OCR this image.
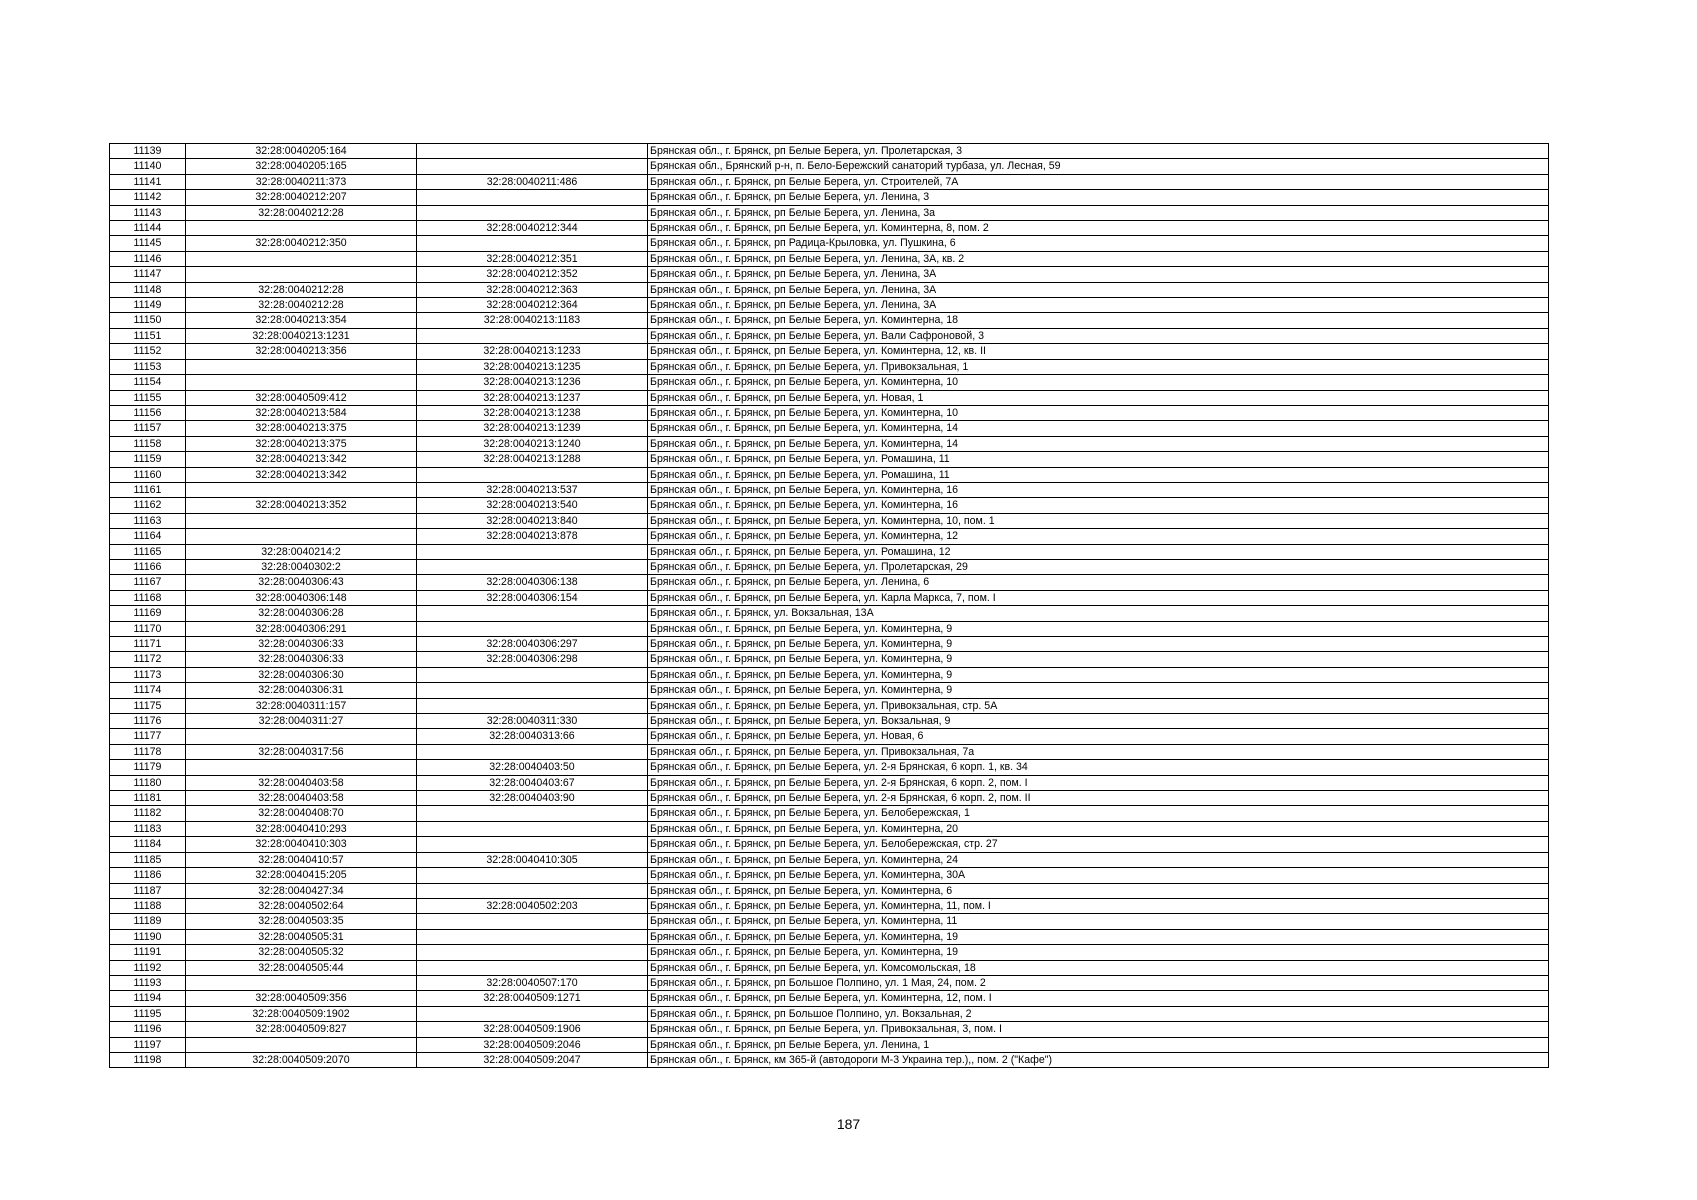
11139	32:28:0040205:164		Брянская обл., г. Брянск, рп Белые Берега, ул. Пролетарская, 3
11140	32:28:0040205:165		Брянская обл., Брянский р-н, п. Бело-Бережский санаторий турбаза, ул. Лесная, 59
11141	32:28:0040211:373	32:28:0040211:486	Брянская обл., г. Брянск, рп Белые Берега, ул. Строителей, 7А
11142	32:28:0040212:207		Брянская обл., г. Брянск, рп Белые Берега, ул. Ленина, 3
11143	32:28:0040212:28		Брянская обл., г. Брянск, рп Белые Берега, ул. Ленина, 3а
11144		32:28:0040212:344	Брянская обл., г. Брянск, рп Белые Берега, ул. Коминтерна, 8, пом. 2
11145	32:28:0040212:350		Брянская обл., г. Брянск, рп Радица-Крыловка, ул. Пушкина, 6
11146		32:28:0040212:351	Брянская обл., г. Брянск, рп Белые Берега, ул. Ленина, 3А, кв. 2
11147		32:28:0040212:352	Брянская обл., г. Брянск, рп Белые Берега, ул. Ленина, 3А
11148	32:28:0040212:28	32:28:0040212:363	Брянская обл., г. Брянск, рп Белые Берега, ул. Ленина, 3А
11149	32:28:0040212:28	32:28:0040212:364	Брянская обл., г. Брянск, рп Белые Берега, ул. Ленина, 3А
11150	32:28:0040213:354	32:28:0040213:1183	Брянская обл., г. Брянск, рп Белые Берега, ул. Коминтерна, 18
11151	32:28:0040213:1231		Брянская обл., г. Брянск, рп Белые Берега, ул. Вали Сафроновой, 3
11152	32:28:0040213:356	32:28:0040213:1233	Брянская обл., г. Брянск, рп Белые Берега, ул. Коминтерна, 12, кв. II
11153		32:28:0040213:1235	Брянская обл., г. Брянск, рп Белые Берега, ул. Привокзальная, 1
11154		32:28:0040213:1236	Брянская обл., г. Брянск, рп Белые Берега, ул. Коминтерна, 10
11155	32:28:0040509:412	32:28:0040213:1237	Брянская обл., г. Брянск, рп Белые Берега, ул. Новая, 1
11156	32:28:0040213:584	32:28:0040213:1238	Брянская обл., г. Брянск, рп Белые Берега, ул. Коминтерна, 10
11157	32:28:0040213:375	32:28:0040213:1239	Брянская обл., г. Брянск, рп Белые Берега, ул. Коминтерна, 14
11158	32:28:0040213:375	32:28:0040213:1240	Брянская обл., г. Брянск, рп Белые Берега, ул. Коминтерна, 14
11159	32:28:0040213:342	32:28:0040213:1288	Брянская обл., г. Брянск, рп Белые Берега, ул. Ромашина, 11
11160	32:28:0040213:342		Брянская обл., г. Брянск, рп Белые Берега, ул. Ромашина, 11
11161		32:28:0040213:537	Брянская обл., г. Брянск, рп Белые Берега, ул. Коминтерна, 16
11162	32:28:0040213:352	32:28:0040213:540	Брянская обл., г. Брянск, рп Белые Берега, ул. Коминтерна, 16
11163		32:28:0040213:840	Брянская обл., г. Брянск, рп Белые Берега, ул. Коминтерна, 10, пом. 1
11164		32:28:0040213:878	Брянская обл., г. Брянск, рп Белые Берега, ул. Коминтерна, 12
11165	32:28:0040214:2		Брянская обл., г. Брянск, рп Белые Берега, ул. Ромашина, 12
11166	32:28:0040302:2		Брянская обл., г. Брянск, рп Белые Берега, ул. Пролетарская, 29
11167	32:28:0040306:43	32:28:0040306:138	Брянская обл., г. Брянск, рп Белые Берега, ул. Ленина, 6
11168	32:28:0040306:148	32:28:0040306:154	Брянская обл., г. Брянск, рп Белые Берега, ул. Карла Маркса, 7, пом. I
11169	32:28:0040306:28		Брянская обл., г. Брянск, ул. Вокзальная, 13А
11170	32:28:0040306:291		Брянская обл., г. Брянск, рп Белые Берега, ул. Коминтерна, 9
11171	32:28:0040306:33	32:28:0040306:297	Брянская обл., г. Брянск, рп Белые Берега, ул. Коминтерна, 9
11172	32:28:0040306:33	32:28:0040306:298	Брянская обл., г. Брянск, рп Белые Берега, ул. Коминтерна, 9
11173	32:28:0040306:30		Брянская обл., г. Брянск, рп Белые Берега, ул. Коминтерна, 9
11174	32:28:0040306:31		Брянская обл., г. Брянск, рп Белые Берега, ул. Коминтерна, 9
11175	32:28:0040311:157		Брянская обл., г. Брянск, рп Белые Берега, ул. Привокзальная, стр. 5А
11176	32:28:0040311:27	32:28:0040311:330	Брянская обл., г. Брянск, рп Белые Берега, ул. Вокзальная, 9
11177		32:28:0040313:66	Брянская обл., г. Брянск, рп Белые Берега, ул. Новая, 6
11178	32:28:0040317:56		Брянская обл., г. Брянск, рп Белые Берега, ул. Привокзальная, 7а
11179		32:28:0040403:50	Брянская обл., г. Брянск, рп Белые Берега, ул. 2-я Брянская, 6 корп. 1, кв. 34
11180	32:28:0040403:58	32:28:0040403:67	Брянская обл., г. Брянск, рп Белые Берега, ул. 2-я Брянская, 6 корп. 2, пом. I
11181	32:28:0040403:58	32:28:0040403:90	Брянская обл., г. Брянск, рп Белые Берега, ул. 2-я Брянская, 6 корп. 2, пом. II
11182	32:28:0040408:70		Брянская обл., г. Брянск, рп Белые Берега, ул. Белобережская, 1
11183	32:28:0040410:293		Брянская обл., г. Брянск, рп Белые Берега, ул. Коминтерна, 20
11184	32:28:0040410:303		Брянская обл., г. Брянск, рп Белые Берега, ул. Белобережская, стр. 27
11185	32:28:0040410:57	32:28:0040410:305	Брянская обл., г. Брянск, рп Белые Берега, ул. Коминтерна, 24
11186	32:28:0040415:205		Брянская обл., г. Брянск, рп Белые Берега, ул. Коминтерна, 30А
11187	32:28:0040427:34		Брянская обл., г. Брянск, рп Белые Берега, ул. Коминтерна, 6
11188	32:28:0040502:64	32:28:0040502:203	Брянская обл., г. Брянск, рп Белые Берега, ул. Коминтерна, 11, пом. I
11189	32:28:0040503:35		Брянская обл., г. Брянск, рп Белые Берега, ул. Коминтерна, 11
11190	32:28:0040505:31		Брянская обл., г. Брянск, рп Белые Берега, ул. Коминтерна, 19
11191	32:28:0040505:32		Брянская обл., г. Брянск, рп Белые Берега, ул. Коминтерна, 19
11192	32:28:0040505:44		Брянская обл., г. Брянск, рп Белые Берега, ул. Комсомольская, 18
11193		32:28:0040507:170	Брянская обл., г. Брянск, рп Большое Полпино, ул. 1 Мая, 24, пом. 2
11194	32:28:0040509:356	32:28:0040509:1271	Брянская обл., г. Брянск, рп Белые Берега, ул. Коминтерна, 12, пом. I
11195	32:28:0040509:1902		Брянская обл., г. Брянск, рп Большое Полпино, ул. Вокзальная, 2
11196	32:28:0040509:827	32:28:0040509:1906	Брянская обл., г. Брянск, рп Белые Берега, ул. Привокзальная, 3, пом. I
11197		32:28:0040509:2046	Брянская обл., г. Брянск, рп Белые Берега, ул. Ленина, 1
11198	32:28:0040509:2070	32:28:0040509:2047	Брянская обл., г. Брянск, км 365-й (автодороги М-3 Украина тер.),, пом. 2 ("Кафе")
187
